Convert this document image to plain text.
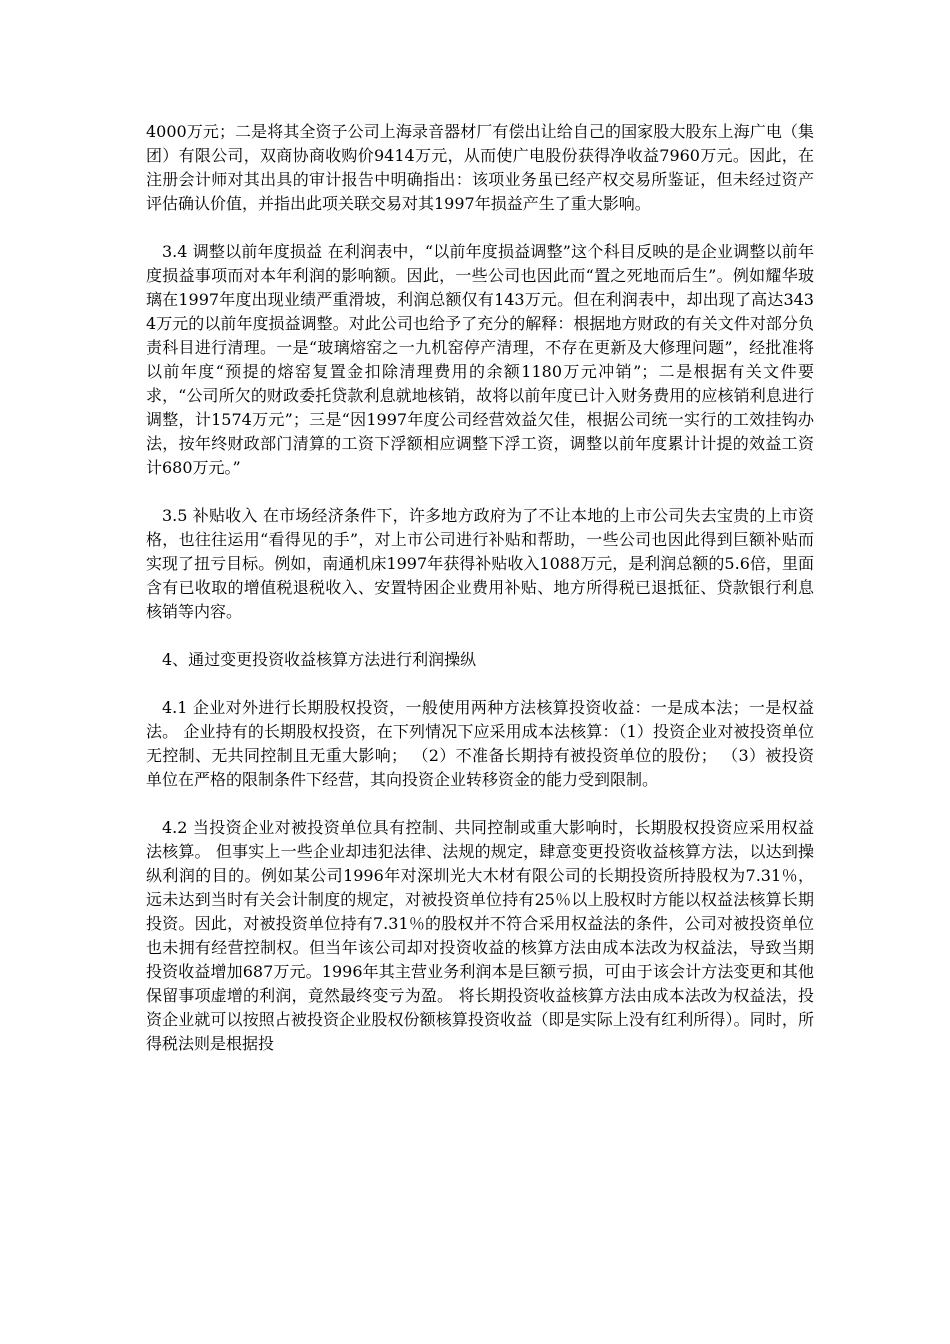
4000万元；二是将其全资子公司上海录音器材厂有偿出让给自己的国家股大股东上海广电（集团）有限公司，双商协商收购价9414万元，从而使广电股份获得净收益7960万元。因此，在注册会计师对其出具的审计报告中明确指出：该项业务虽已经产权交易所鉴证，但未经过资产评估确认价值，并指出此项关联交易对其1997年损益产生了重大影响。

3.4 调整以前年度损益 在利润表中，“以前年度损益调整”这个科目反映的是企业调整以前年度损益事项而对本年利润的影响额。因此，一些公司也因此而“置之死地而后生”。例如耀华玻璃在1997年度出现业绩严重滑坡，利润总额仅有143万元。但在利润表中，却出现了高达3434万元的以前年度损益调整。对此公司也给予了充分的解释：根据地方财政的有关文件对部分负责科目进行清理。一是“玻璃熔窑之一九机窑停产清理，不存在更新及大修理问题”，经批准将以前年度“预提的熔窑复置金扣除清理费用的余额1180万元冲销”；二是根据有关文件要求，“公司所欠的财政委托贷款利息就地核销，故将以前年度已计入财务费用的应核销利息进行调整，计1574万元”；三是“因1997年度公司经营效益欠佳，根据公司统一实行的工效挂钩办法，按年终财政部门清算的工资下浮额相应调整下浮工资，调整以前年度累计计提的效益工资计680万元。”

3.5 补贴收入 在市场经济条件下，许多地方政府为了不让本地的上市公司失去宝贵的上市资格，也往往运用“看得见的手”，对上市公司进行补贴和帮助，一些公司也因此得到巨额补贴而实现了扭亏目标。例如，南通机床1997年获得补贴收入1088万元，是利润总额的5.6倍，里面含有已收取的增值税退税收入、安置特困企业费用补贴、地方所得税已退抵征、贷款银行利息核销等内容。

4、通过变更投资收益核算方法进行利润操纵

4.1 企业对外进行长期股权投资，一般使用两种方法核算投资收益：一是成本法；一是权益法。 企业持有的长期股权投资，在下列情况下应采用成本法核算：（1）投资企业对被投资单位无控制、无共同控制且无重大影响； （2）不准备长期持有被投资单位的股份； （3）被投资单位在严格的限制条件下经营，其向投资企业转移资金的能力受到限制。

4.2 当投资企业对被投资单位具有控制、共同控制或重大影响时，长期股权投资应采用权益法核算。 但事实上一些企业却违犯法律、法规的规定，肆意变更投资收益核算方法，以达到操纵利润的目的。例如某公司1996年对深圳光大木材有限公司的长期投资所持股权为7.31％，远未达到当时有关会计制度的规定，对被投资单位持有25％以上股权时方能以权益法核算长期投资。因此，对被投资单位持有7.31％的股权并不符合采用权益法的条件，公司对被投资单位也未拥有经营控制权。但当年该公司却对投资收益的核算方法由成本法改为权益法，导致当期投资收益增加687万元。1996年其主营业务利润本是巨额亏损，可由于该会计方法变更和其他保留事项虚增的利润，竟然最终变亏为盈。 将长期投资收益核算方法由成本法改为权益法，投资企业就可以按照占被投资企业股权份额核算投资收益（即是实际上没有红利所得）。同时，所得税法则是根据投
